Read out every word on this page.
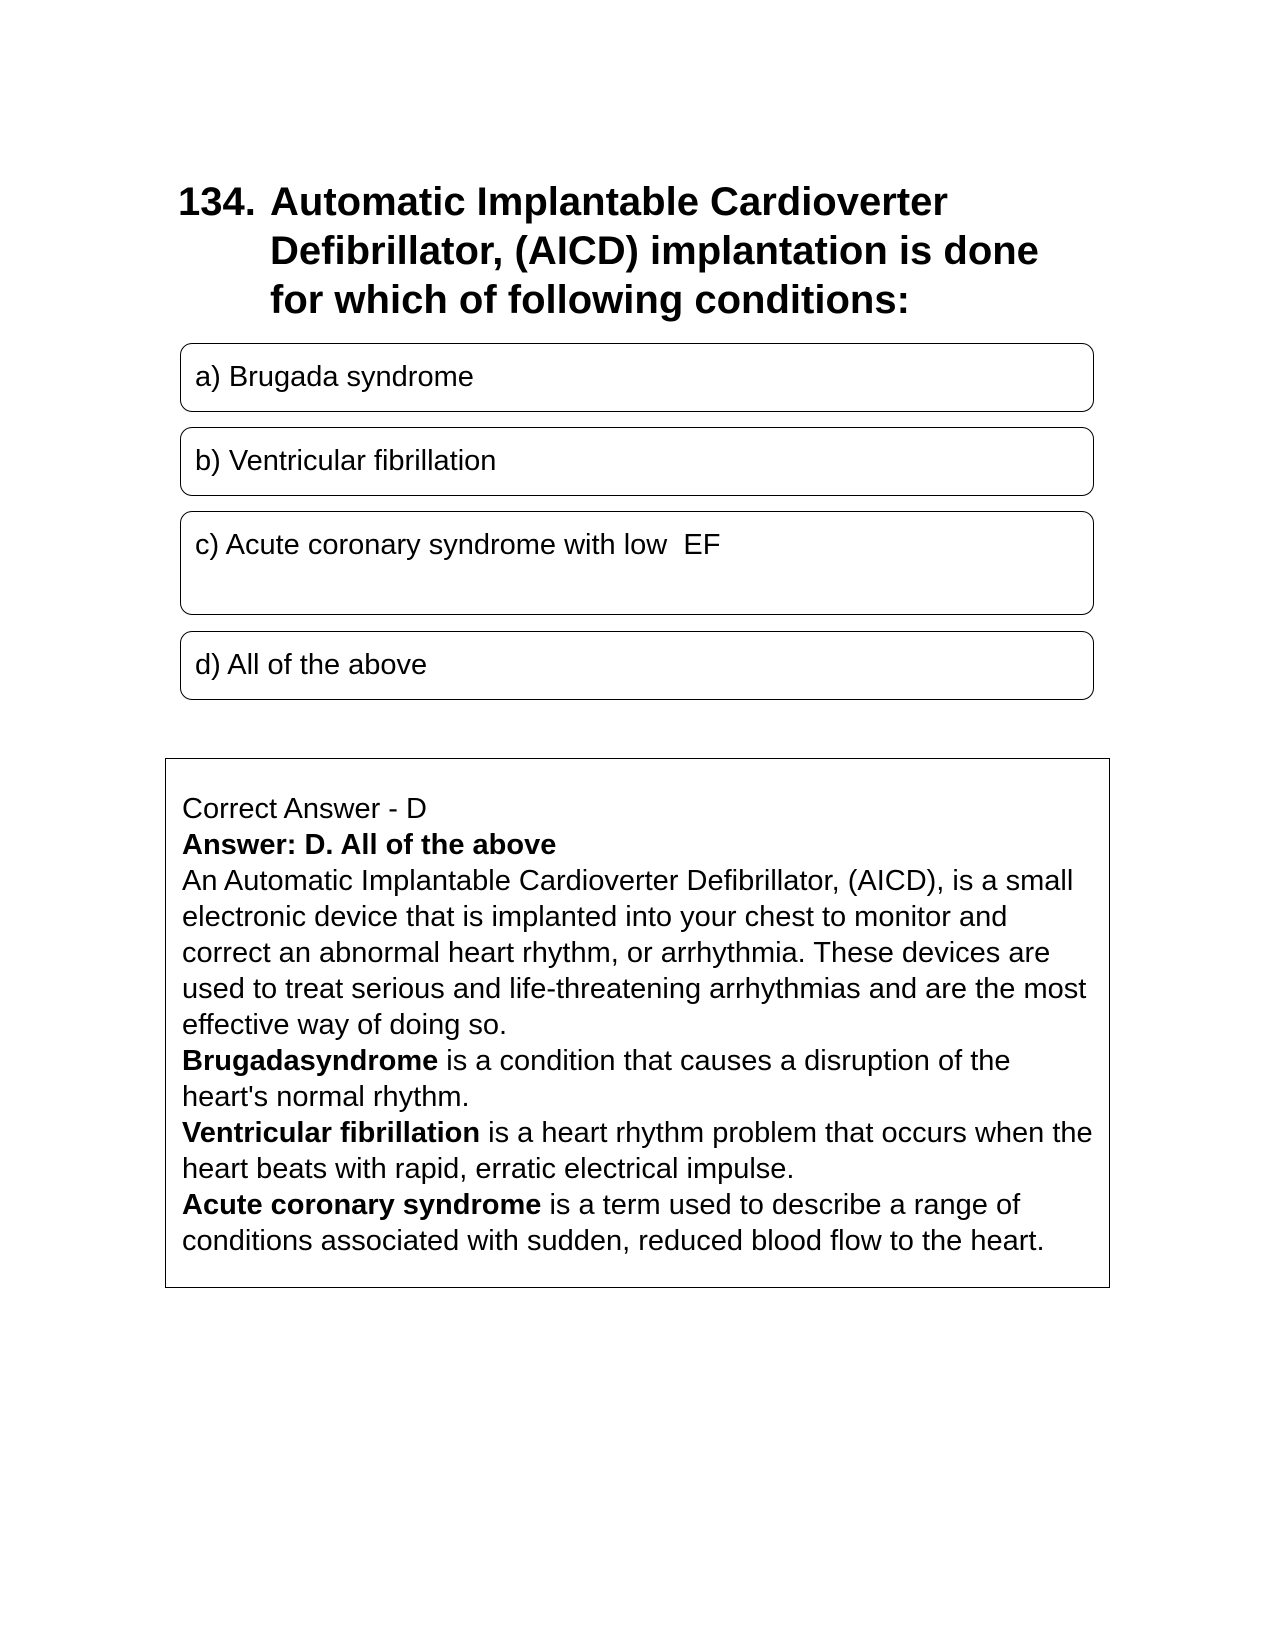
134. Automatic Implantable Cardioverter Defibrillator, (AICD) implantation is done for which of following conditions:
a) Brugada syndrome
b) Ventricular fibrillation
c) Acute coronary syndrome with low  EF
d) All of the above

Correct Answer - D

Answer: D. All of the above

An Automatic Implantable Cardioverter Defibrillator, (AICD), is a small electronic device that is implanted into your chest to monitor and correct an abnormal heart rhythm, or arrhythmia. These devices are used to treat serious and life-threatening arrhythmias and are the most effective way of doing so.

Brugadasyndrome is a condition that causes a disruption of the heart's normal rhythm.

Ventricular fibrillation is a heart rhythm problem that occurs when the heart beats with rapid, erratic electrical impulse.

Acute coronary syndrome is a term used to describe a range of conditions associated with sudden, reduced blood flow to the heart.
